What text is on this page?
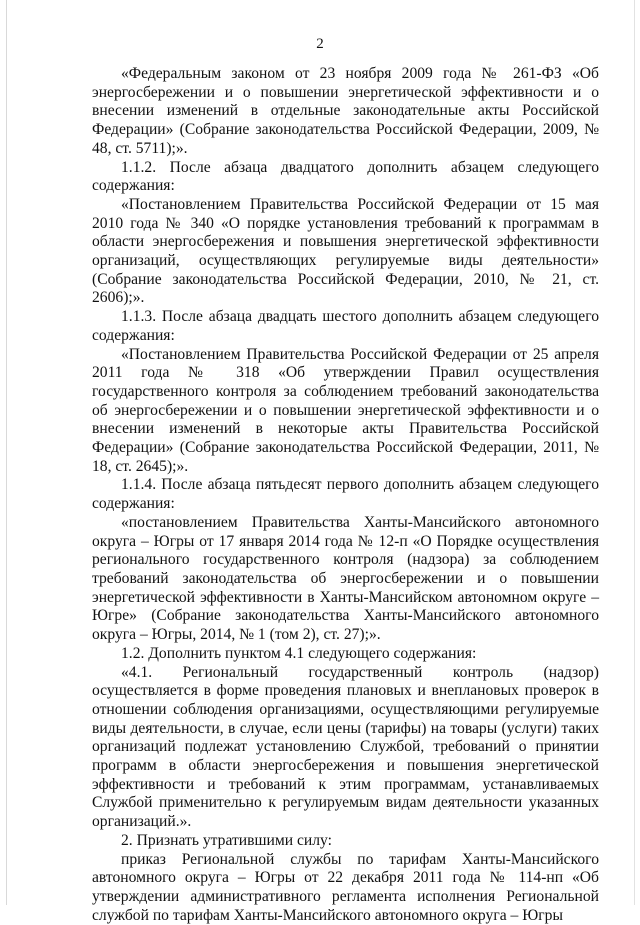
2

«Федеральным законом от 23 ноября 2009 года № 261-ФЗ «Об энергосбережении и о повышении энергетической эффективности и о внесении изменений в отдельные законодательные акты Российской Федерации» (Собрание законодательства Российской Федерации, 2009, № 48, ст. 5711);».

1.1.2. После абзаца двадцатого дополнить абзацем следующего содержания:

«Постановлением Правительства Российской Федерации от 15 мая 2010 года № 340 «О порядке установления требований к программам в области энергосбережения и повышения энергетической эффективности организаций, осуществляющих регулируемые виды деятельности» (Собрание законодательства Российской Федерации, 2010, № 21, ст. 2606);».

1.1.3. После абзаца двадцать шестого дополнить абзацем следующего содержания:

«Постановлением Правительства Российской Федерации от 25 апреля 2011 года № 318 «Об утверждении Правил осуществления государственного контроля за соблюдением требований законодательства об энергосбережении и о повышении энергетической эффективности и о внесении изменений в некоторые акты Правительства Российской Федерации» (Собрание законодательства Российской Федерации, 2011, № 18, ст. 2645);».

1.1.4. После абзаца пятьдесят первого дополнить абзацем следующего содержания:

«постановлением Правительства Ханты-Мансийского автономного округа – Югры от 17 января 2014 года № 12-п «О Порядке осуществления регионального государственного контроля (надзора) за соблюдением требований законодательства об энергосбережении и о повышении энергетической эффективности в Ханты-Мансийском автономном округе – Югре» (Собрание законодательства Ханты-Мансийского автономного округа – Югры, 2014, № 1 (том 2), ст. 27);».

1.2. Дополнить пунктом 4.1 следующего содержания:

«4.1. Региональный государственный контроль (надзор) осуществляется в форме проведения плановых и внеплановых проверок в отношении соблюдения организациями, осуществляющими регулируемые виды деятельности, в случае, если цены (тарифы) на товары (услуги) таких организаций подлежат установлению Службой, требований о принятии программ в области энергосбережения и повышения энергетической эффективности и требований к этим программам, устанавливаемых Службой применительно к регулируемым видам деятельности указанных организаций.».

2. Признать утратившими силу:

приказ Региональной службы по тарифам Ханты-Мансийского автономного округа – Югры от 22 декабря 2011 года № 114-нп «Об утверждении административного регламента исполнения Региональной службой по тарифам Ханты-Мансийского автономного округа – Югры
